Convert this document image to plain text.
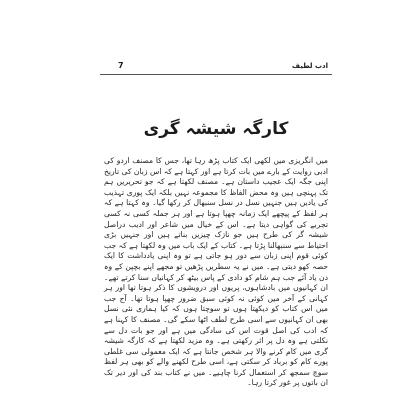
7	ادب لطیف
کارگہ شیشہ گری
میں انگریزی میں لکھی ایک کتاب پڑھ رہا تھا، جس کا مصنف اردو کی ادبی روایت کے بارے میں بات کرتا ہے اور کہتا ہے کہ اس زبان کی تاریخ اپنی جگہ ایک عجیب داستان ہے۔ مصنف لکھتا ہے کہ جو تحریریں ہم تک پہنچی ہیں وہ محض الفاظ کا مجموعہ نہیں بلکہ ایک پوری تہذیب کی یادیں ہیں جنہیں نسل در نسل سنبھال کر رکھا گیا۔ وہ کہتا ہے کہ ہر لفظ کے پیچھے ایک زمانہ چھپا ہوتا ہے اور ہر جملہ کسی نہ کسی تجربے کی گواہی دیتا ہے۔ اس کے خیال میں شاعر اور ادیب دراصل شیشہ گر کی طرح ہیں جو نازک چیزیں بناتے ہیں اور جنہیں بڑی احتیاط سے سنبھالنا پڑتا ہے۔ کتاب کے ایک باب میں وہ لکھتا ہے کہ جب کوئی قوم اپنی زبان سے دور ہو جاتی ہے تو وہ اپنی یادداشت کا ایک حصہ کھو دیتی ہے۔ میں نے یہ سطریں پڑھیں تو مجھے اپنے بچپن کے وہ دن یاد آئے جب ہم شام کو دادی کے پاس بیٹھ کر کہانیاں سنا کرتے تھے۔ ان کہانیوں میں بادشاہوں، پریوں اور درویشوں کا ذکر ہوتا تھا اور ہر کہانی کے آخر میں کوئی نہ کوئی سبق ضرور چھپا ہوتا تھا۔ آج جب میں اس کتاب کو دیکھتا ہوں تو سوچتا ہوں کہ کیا ہماری نئی نسل بھی ان کہانیوں سے اسی طرح لطف اٹھا سکے گی۔ مصنف کا کہنا ہے کہ ادب کی اصل قوت اس کی سادگی میں ہے اور جو بات دل سے نکلتی ہے وہ دل پر اثر رکھتی ہے۔ وہ مزید لکھتا ہے کہ کارگہ شیشہ گری میں کام کرنے والا ہر شخص جانتا ہے کہ ایک معمولی سی غلطی پورے کام کو برباد کر سکتی ہے، اسی طرح لکھنے والے کو بھی ہر لفظ سوچ سمجھ کر استعمال کرنا چاہیے۔ میں نے کتاب بند کی اور دیر تک ان باتوں پر غور کرتا رہا۔
